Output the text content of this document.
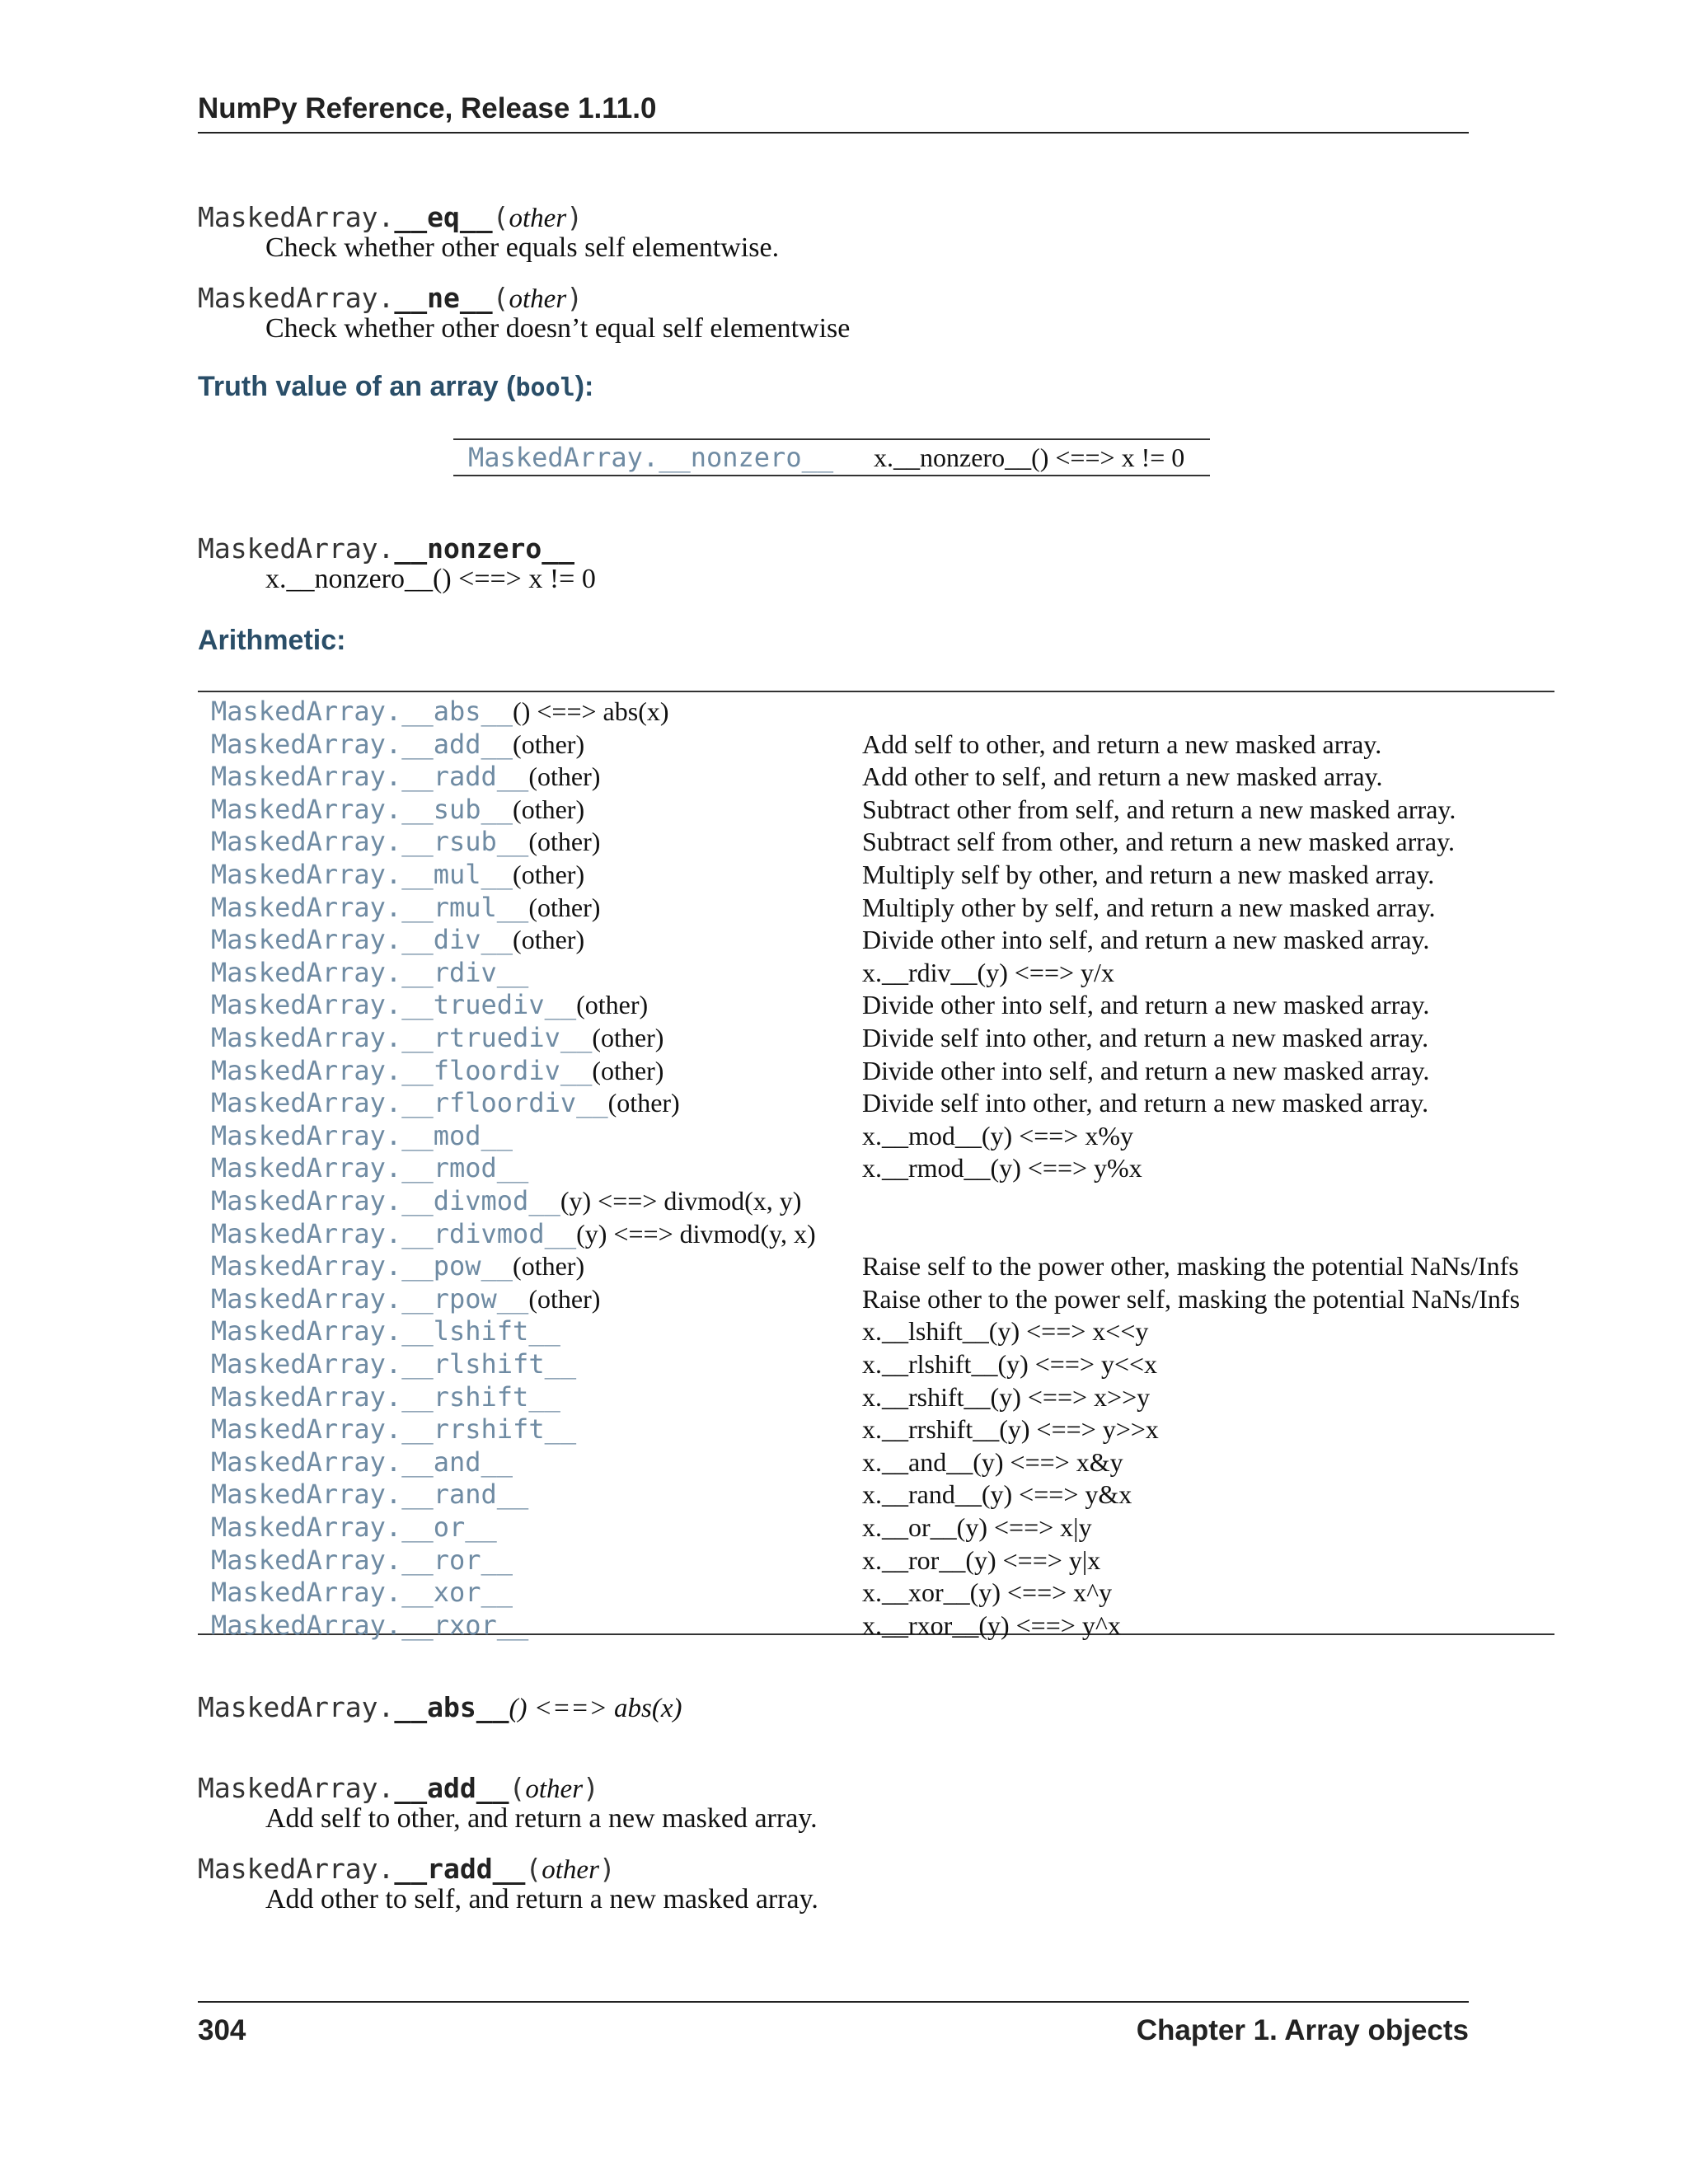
NumPy Reference, Release 1.11.0
MaskedArray.__eq__(other)
Check whether other equals self elementwise.
MaskedArray.__ne__(other)
Check whether other doesn’t equal self elementwise
Truth value of an array (bool):
MaskedArray.__nonzero__ x.__nonzero__() <==> x != 0
MaskedArray.__nonzero__
x.__nonzero__() <==> x != 0
Arithmetic:
MaskedArray.__abs__() <==> abs(x)
MaskedArray.__add__(other)	Add self to other, and return a new masked array.
MaskedArray.__radd__(other)	Add other to self, and return a new masked array.
MaskedArray.__sub__(other)	Subtract other from self, and return a new masked array.
MaskedArray.__rsub__(other)	Subtract self from other, and return a new masked array.
MaskedArray.__mul__(other)	Multiply self by other, and return a new masked array.
MaskedArray.__rmul__(other)	Multiply other by self, and return a new masked array.
MaskedArray.__div__(other)	Divide other into self, and return a new masked array.
MaskedArray.__rdiv__	x.__rdiv__(y) <==> y/x
MaskedArray.__truediv__(other)	Divide other into self, and return a new masked array.
MaskedArray.__rtruediv__(other)	Divide self into other, and return a new masked array.
MaskedArray.__floordiv__(other)	Divide other into self, and return a new masked array.
MaskedArray.__rfloordiv__(other)	Divide self into other, and return a new masked array.
MaskedArray.__mod__	x.__mod__(y) <==> x%y
MaskedArray.__rmod__	x.__rmod__(y) <==> y%x
MaskedArray.__divmod__(y) <==> divmod(x, y)
MaskedArray.__rdivmod__(y) <==> divmod(y, x)
MaskedArray.__pow__(other)	Raise self to the power other, masking the potential NaNs/Infs
MaskedArray.__rpow__(other)	Raise other to the power self, masking the potential NaNs/Infs
MaskedArray.__lshift__	x.__lshift__(y) <==> x<<y
MaskedArray.__rlshift__	x.__rlshift__(y) <==> y<<x
MaskedArray.__rshift__	x.__rshift__(y) <==> x>>y
MaskedArray.__rrshift__	x.__rrshift__(y) <==> y>>x
MaskedArray.__and__	x.__and__(y) <==> x&y
MaskedArray.__rand__	x.__rand__(y) <==> y&x
MaskedArray.__or__	x.__or__(y) <==> x|y
MaskedArray.__ror__	x.__ror__(y) <==> y|x
MaskedArray.__xor__	x.__xor__(y) <==> x^y
MaskedArray.__rxor__	x.__rxor__(y) <==> y^x
MaskedArray.__abs__() <==> abs(x)
MaskedArray.__add__(other)
Add self to other, and return a new masked array.
MaskedArray.__radd__(other)
Add other to self, and return a new masked array.
304	Chapter 1. Array objects
